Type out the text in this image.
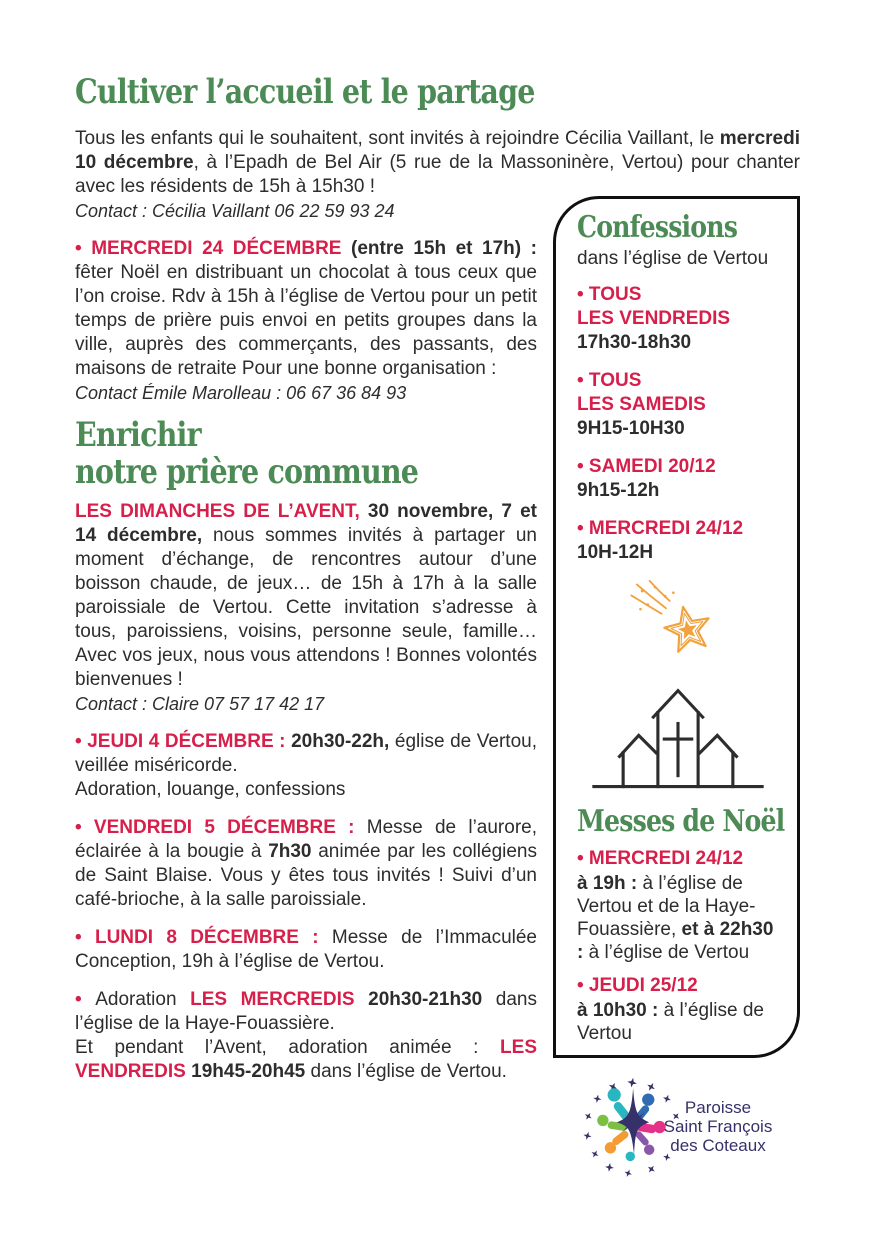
Cultiver l’accueil et le partage

Tous les enfants qui le souhaitent, sont invités à rejoindre Cécilia Vaillant, le mercredi 10 décembre, à l’Epadh de Bel Air (5 rue de la Massoninère, Vertou) pour chanter avec les résidents de 15h à 15h30 !

Contact : Cécilia Vaillant 06 22 59 93 24

• MERCREDI 24 DÉCEMBRE (entre 15h et 17h) : fêter Noël en distribuant un chocolat à tous ceux que l’on croise. Rdv à 15h à l’église de Vertou pour un petit temps de prière puis envoi en petits groupes dans la ville, auprès des commerçants, des passants, des maisons de retraite Pour une bonne organisation :

Contact Émile Marolleau : 06 67 36 84 93

Enrichir
notre prière commune

LES DIMANCHES DE L’AVENT, 30 novembre, 7 et 14 décembre, nous sommes invités à partager un moment d’échange, de rencontres autour d’une boisson chaude, de jeux… de 15h à 17h à la salle paroissiale de Vertou. Cette invitation s’adresse à tous, paroissiens, voisins, personne seule, famille… Avec vos jeux, nous vous attendons ! Bonnes volontés bienvenues !

Contact : Claire 07 57 17 42 17

• JEUDI 4 DÉCEMBRE : 20h30-22h, église de Vertou, veillée miséricorde.
Adoration, louange, confessions

• VENDREDI 5 DÉCEMBRE : Messe de l’aurore, éclairée à la bougie à 7h30 animée par les collégiens de Saint Blaise. Vous y êtes tous invités ! Suivi d’un café-brioche, à la salle paroissiale.

• LUNDI 8 DÉCEMBRE : Messe de l’Immaculée Conception, 19h à l’église de Vertou.

• Adoration LES MERCREDIS 20h30-21h30 dans l’église de la Haye-Fouassière.
Et pendant l’Avent, adoration animée : LES VENDREDIS 19h45-20h45 dans l’église de Vertou.

Confessions

dans l’église de Vertou

• TOUS
LES VENDREDIS
17h30-18h30
• TOUS
LES SAMEDIS
9H15-10H30
• SAMEDI 20/12
9h15-12h
• MERCREDI 24/12
10H-12H
Messes de Noël

• MERCREDI 24/12
à 19h : à l’église de Vertou et de la Haye-Fouassière, et à 22h30 : à l’église de Vertou

• JEUDI 25/12
à 10h30 : à l’église de Vertou

Paroisse
Saint François
des Coteaux
